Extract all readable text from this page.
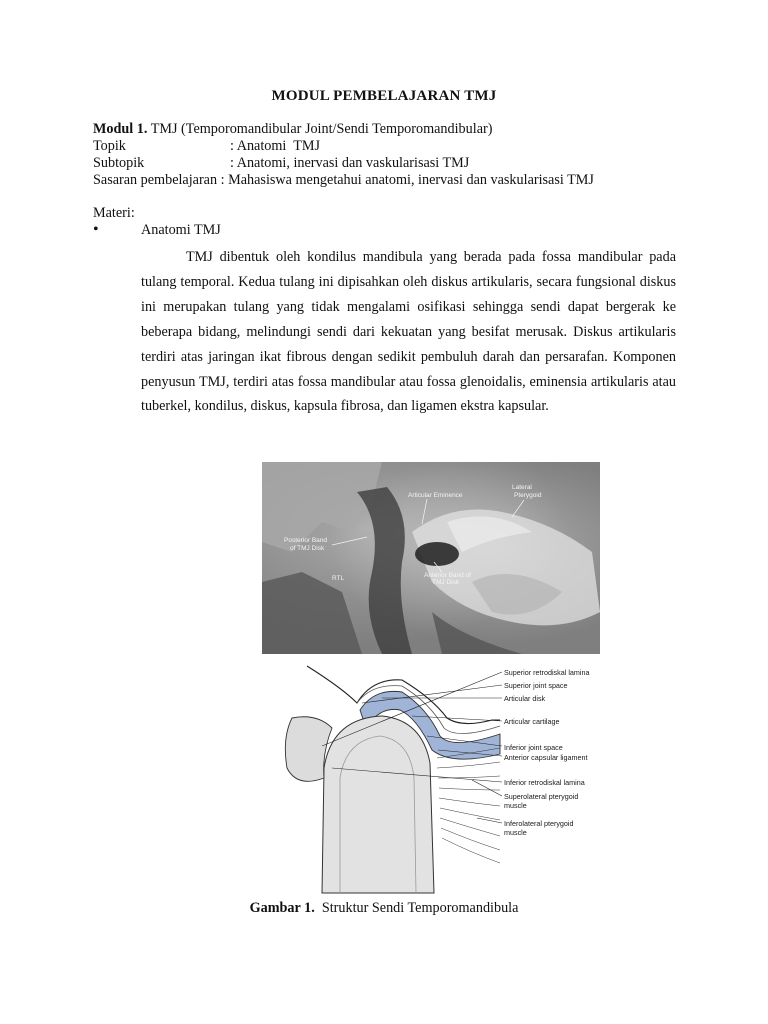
MODUL PEMBELAJARAN TMJ
Modul 1. TMJ (Temporomandibular Joint/Sendi Temporomandibular)
Topik	: Anatomi  TMJ
Subtopik	: Anatomi, inervasi dan vaskularisasi TMJ
Sasaran pembelajaran : Mahasiswa mengetahui anatomi, inervasi dan vaskularisasi TMJ
Materi:
•	Anatomi TMJ
TMJ dibentuk oleh kondilus mandibula yang berada pada fossa mandibular pada tulang temporal. Kedua tulang ini dipisahkan oleh diskus artikularis, secara fungsional diskus ini merupakan tulang yang tidak mengalami osifikasi sehingga sendi dapat bergerak ke beberapa bidang, melindungi sendi dari kekuatan yang besifat merusak. Diskus artikularis terdiri atas jaringan ikat fibrous dengan sedikit pembuluh darah dan persarafan. Komponen penyusun TMJ, terdiri atas fossa mandibular atau fossa glenoidalis, eminensia artikularis atau tuberkel, kondilus, diskus, kapsula fibrosa, dan ligamen ekstra kapsular.
Articular Eminence
Lateral
Pterygoid
Posterior Band
of TMJ Disk
Anterior Band of
TMJ Disk
RTL
Superior retrodiskal lamina
Superior joint space
Articular disk
Articular cartilage
Inferior joint space
Anterior capsular ligament
Inferior retrodiskal lamina
Superolateral pterygoid
muscle
Inferolateral pterygoid
muscle
Gambar 1.  Struktur Sendi Temporomandibula
